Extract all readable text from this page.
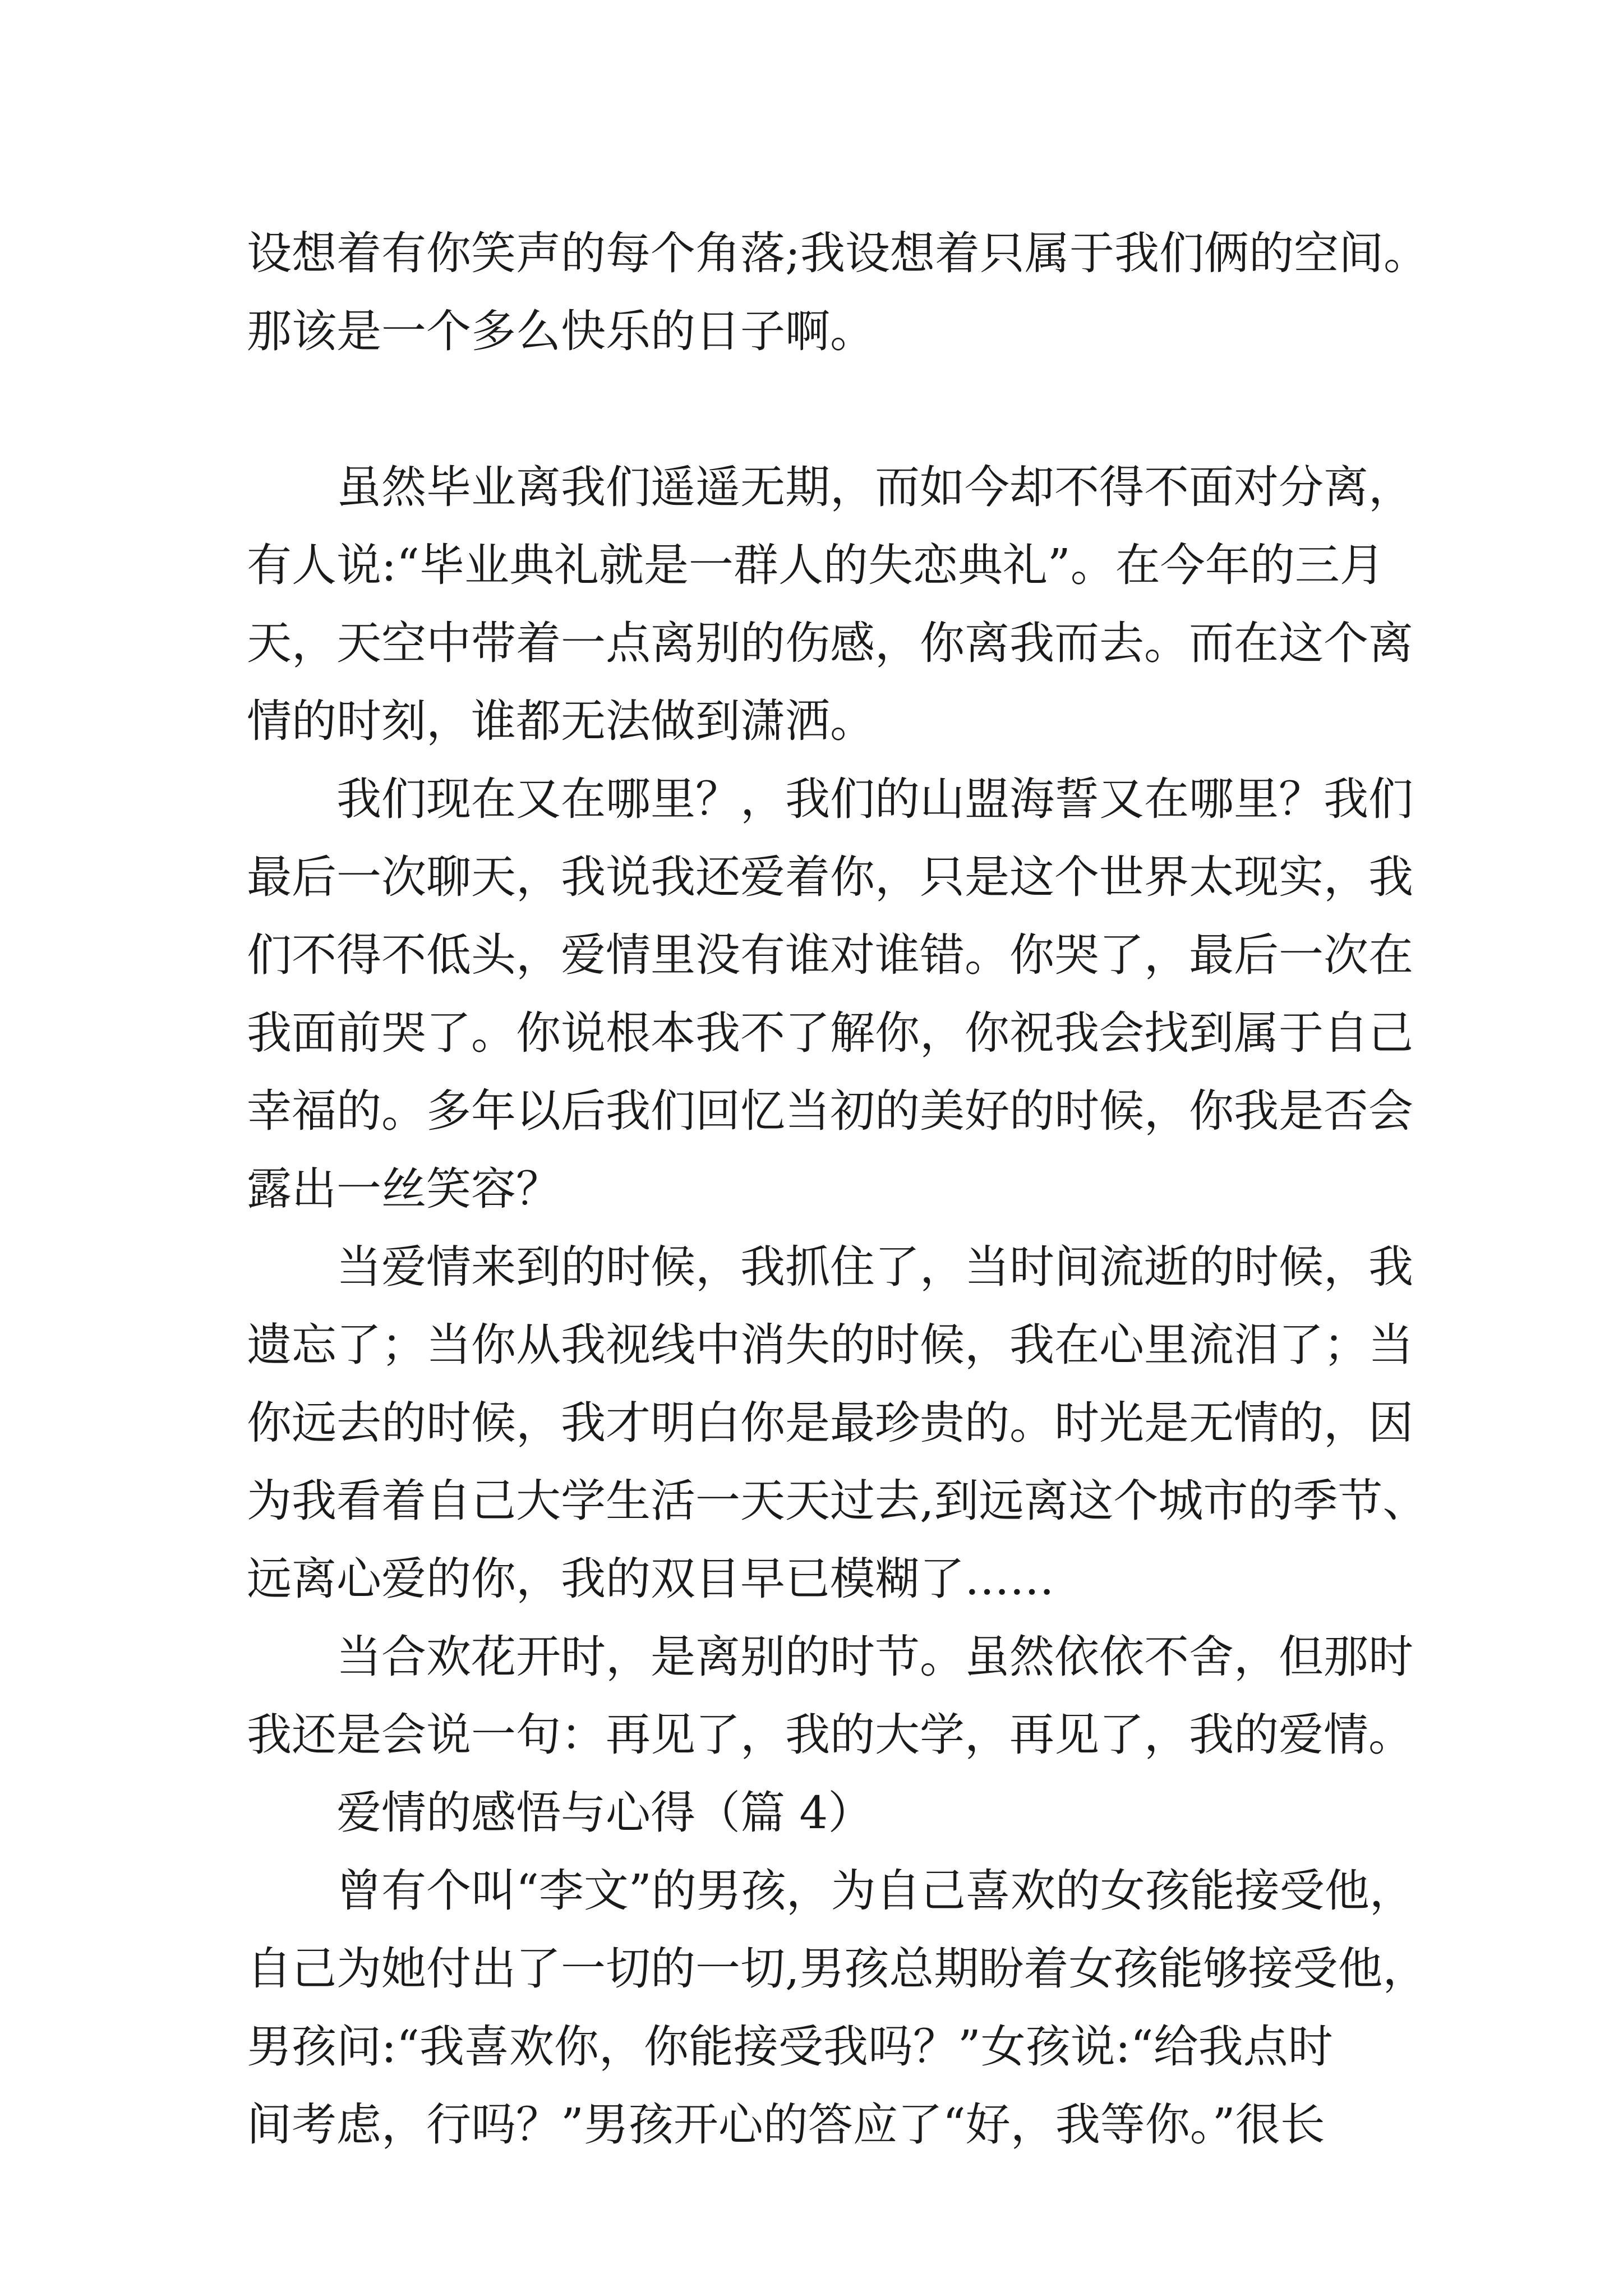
设想着有你笑声的每个角落;我设想着只属于我们俩的空间。
那该是一个多么快乐的日子啊。
　　虽然毕业离我们遥遥无期，而如今却不得不面对分离，
有人说:“毕业典礼就是一群人的失恋典礼”。在今年的三月
天，天空中带着一点离别的伤感，你离我而去。而在这个离
情的时刻，谁都无法做到潇洒。
　　我们现在又在哪里？，我们的山盟海誓又在哪里？我们
最后一次聊天，我说我还爱着你，只是这个世界太现实，我
们不得不低头，爱情里没有谁对谁错。你哭了，最后一次在
我面前哭了。你说根本我不了解你，你祝我会找到属于自己
幸福的。多年以后我们回忆当初的美好的时候，你我是否会
露出一丝笑容？
　　当爱情来到的时候，我抓住了，当时间流逝的时候，我
遗忘了；当你从我视线中消失的时候，我在心里流泪了；当
你远去的时候，我才明白你是最珍贵的。时光是无情的，因
为我看着自己大学生活一天天过去,到远离这个城市的季节、
远离心爱的你，我的双目早已模糊了……
　　当合欢花开时，是离别的时节。虽然依依不舍，但那时
我还是会说一句：再见了，我的大学，再见了，我的爱情。
　　爱情的感悟与心得（篇 4）
　　曾有个叫“李文”的男孩，为自己喜欢的女孩能接受他，
自己为她付出了一切的一切,男孩总期盼着女孩能够接受他，
男孩问:“我喜欢你，你能接受我吗？”女孩说:“给我点时
间考虑，行吗？”男孩开心的答应了“好，我等你。”很长
